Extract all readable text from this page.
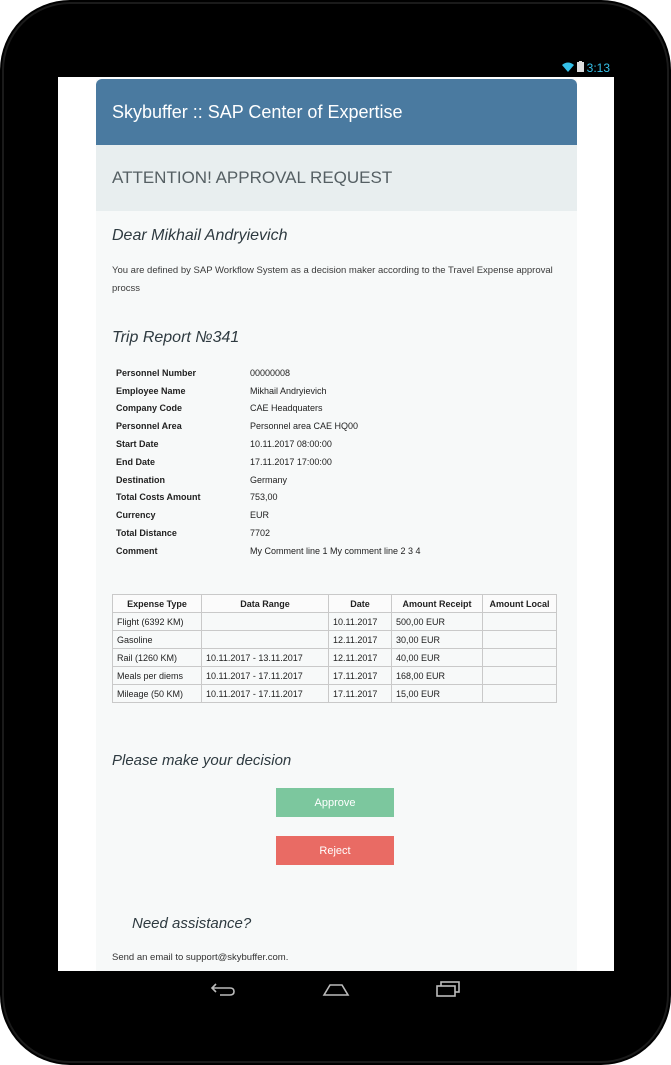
3:13
Skybuffer :: SAP Center of Expertise
ATTENTION! APPROVAL REQUEST
Dear Mikhail Andryievich
You are defined by SAP Workflow System as a decision maker according to the Travel Expense approval procss
Trip Report №341
Personnel Number	00000008
Employee Name	Mikhail Andryievich
Company Code	CAE Headquaters
Personnel Area	Personnel area CAE HQ00
Start Date	10.11.2017 08:00:00
End Date	17.11.2017 17:00:00
Destination	Germany
Total Costs Amount	753,00
Currency	EUR
Total Distance	7702
Comment	My Comment line 1 My comment line 2 3 4
Expense Type	Data Range	Date	Amount Receipt	Amount Local
Flight (6392 KM)		10.11.2017	500,00 EUR	
Gasoline		12.11.2017	30,00 EUR	
Rail (1260 KM)	10.11.2017 - 13.11.2017	12.11.2017	40,00 EUR	
Meals per diems	10.11.2017 - 17.11.2017	17.11.2017	168,00 EUR	
Mileage (50 KM)	10.11.2017 - 17.11.2017	17.11.2017	15,00 EUR	
Please make your decision
Approve
Reject
Need assistance?
Send an email to support@skybuffer.com.
